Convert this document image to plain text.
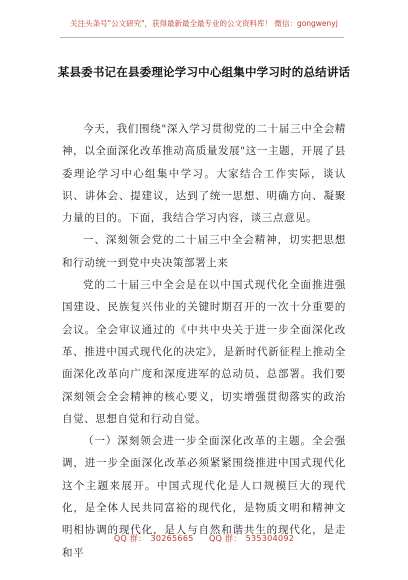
关注头条号"公文研究"，获得最新最全最专业的公文资料库！ 微信：gongwenyj
某县委书记在县委理论学习中心组集中学习时的总结讲话

今天，我们围绕"深入学习贯彻党的二十届三中全会精神，以全面深化改革推动高质量发展"这一主题，开展了县委理论学习中心组集中学习。大家结合工作实际，谈认识、讲体会、提建议，达到了统一思想、明确方向、凝聚力量的目的。下面，我结合学习内容，谈三点意见。

一、深刻领会党的二十届三中全会精神，切实把思想和行动统一到党中央决策部署上来

党的二十届三中全会是在以中国式现代化全面推进强国建设、民族复兴伟业的关键时期召开的一次十分重要的会议。全会审议通过的《中共中央关于进一步全面深化改革、推进中国式现代化的决定》，是新时代新征程上推动全面深化改革向广度和深度进军的总动员、总部署。我们要深刻领会全会精神的核心要义，切实增强贯彻落实的政治自觉、思想自觉和行动自觉。

（一）深刻领会进一步全面深化改革的主题。全会强调，进一步全面深化改革必须紧紧围绕推进中国式现代化这个主题来展开。中国式现代化是人口规模巨大的现代化，是全体人民共同富裕的现代化，是物质文明和精神文明相协调的现代化，是人与自然和谐共生的现代化，是走和平

QQ 群： 30265665 QQ 群： 535304092
